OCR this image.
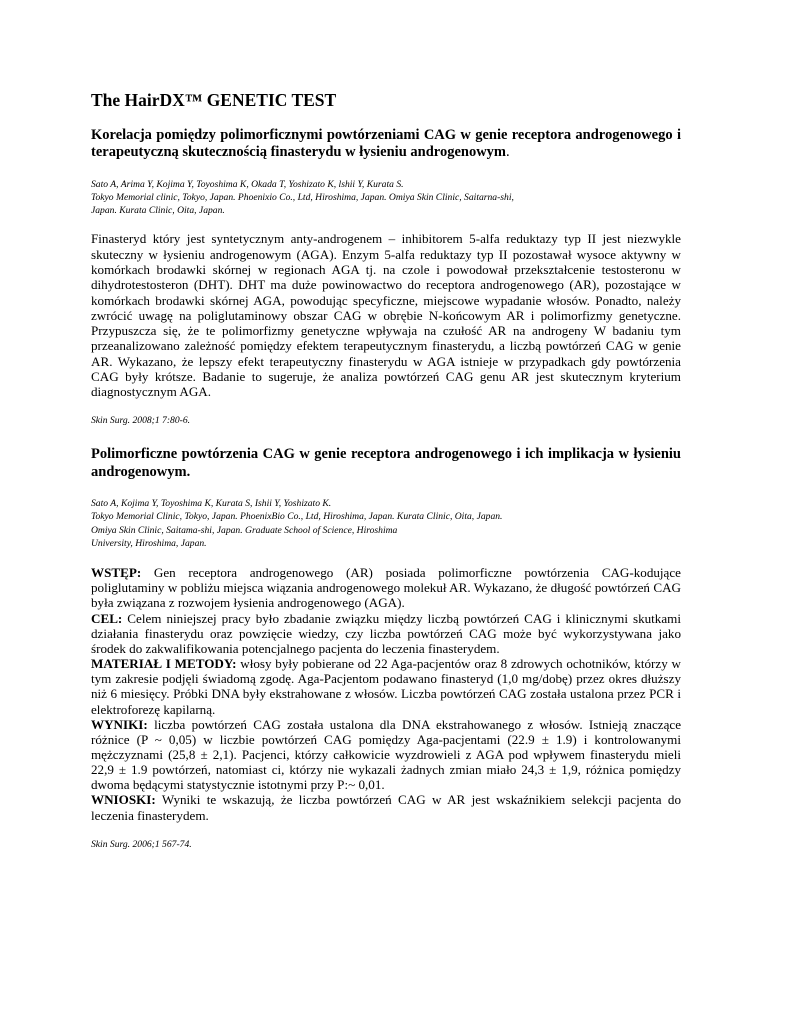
The HairDX™ GENETIC TEST

Korelacja pomiędzy polimorficznymi powtórzeniami CAG w genie receptora androgenowego i terapeutyczną skutecznością finasterydu w łysieniu androgenowym.

Sato A, Arima Y, Kojima Y, Toyoshima K, Okada T, Yoshizato K, lshii Y, Kurata S.
Tokyo Memorial clinic, Tokyo, Japan. Phoenixio Co., Ltd, Hiroshima, Japan. Omiya Skin Clinic, Saitarna-shi,
Japan. Kurata Clinic, Oita, Japan.

Finasteryd który jest syntetycznym anty-androgenem – inhibitorem 5-alfa reduktazy typ II jest niezwykle skuteczny w łysieniu androgenowym (AGA). Enzym 5-alfa reduktazy typ II pozostawał wysoce aktywny w komórkach brodawki skórnej w regionach AGA tj. na czole i powodował przekształcenie testosteronu w dihydrotestosteron (DHT). DHT ma duże powinowactwo do receptora androgenowego (AR), pozostające w komórkach brodawki skórnej AGA, powodując specyficzne, miejscowe wypadanie włosów. Ponadto, należy zwrócić uwagę na poliglutaminowy obszar CAG w obrębie N-końcowym AR i polimorfizmy genetyczne. Przypuszcza się, że te polimorfizmy genetyczne wpływaja na czułość AR na androgeny W badaniu tym przeanalizowano zależność pomiędzy efektem terapeutycznym finasterydu, a liczbą powtórzeń CAG w genie AR. Wykazano, że lepszy efekt terapeutyczny finasterydu w AGA istnieje w przypadkach gdy powtórzenia CAG były krótsze. Badanie to sugeruje, że analiza powtórzeń CAG genu AR jest skutecznym kryterium diagnostycznym AGA.

Skin Surg. 2008;1 7:80-6.

Polimorficzne powtórzenia CAG w genie receptora androgenowego i ich implikacja w łysieniu androgenowym.

Sato A, Kojima Y, Toyoshima K, Kurata S, Ishii Y, Yoshizato K.
Tokyo Memorial Clinic, Tokyo, Japan. PhoenixBio Co., Ltd, Hiroshima, Japan. Kurata Clinic, Oita, Japan.
Omiya Skin Clinic, Saitama-shi, Japan. Graduate School of Science, Hiroshima
University, Hiroshima, Japan.

WSTĘP: Gen receptora androgenowego (AR) posiada polimorficzne powtórzenia CAG-kodujące poliglutaminy w pobliżu miejsca wiązania androgenowego molekuł AR. Wykazano, że długość powtórzeń CAG była związana z rozwojem łysienia androgenowego (AGA).

CEL: Celem niniejszej pracy było zbadanie związku między liczbą powtórzeń CAG i klinicznymi skutkami działania finasterydu oraz powzięcie wiedzy, czy liczba powtórzeń CAG może być wykorzystywana jako środek do zakwalifikowania potencjalnego pacjenta do leczenia finasterydem.

MATERIAŁ I METODY: włosy były pobierane od 22 Aga-pacjentów oraz 8 zdrowych ochotników, którzy w tym zakresie podjęli świadomą zgodę. Aga-Pacjentom podawano finasteryd (1,0 mg/dobę) przez okres dłuższy niż 6 miesięcy. Próbki DNA były ekstrahowane z włosów. Liczba powtórzeń CAG została ustalona przez PCR i elektroforezę kapilarną.

WYNIKI: liczba powtórzeń CAG została ustalona dla DNA ekstrahowanego z włosów. Istnieją znaczące różnice (P ~ 0,05) w liczbie powtórzeń CAG pomiędzy Aga-pacjentami (22.9 ± 1.9) i kontrolowanymi mężczyznami (25,8 ± 2,1). Pacjenci, którzy całkowicie wyzdrowieli z AGA pod wpływem finasterydu mieli 22,9 ± 1.9 powtórzeń, natomiast ci, którzy nie wykazali żadnych zmian miało 24,3 ± 1,9, różnica pomiędzy dwoma będącymi statystycznie istotnymi przy P:~ 0,01.

WNIOSKI: Wyniki te wskazują, że liczba powtórzeń CAG w AR jest wskaźnikiem selekcji pacjenta do leczenia finasterydem.

Skin Surg. 2006;1 567-74.
